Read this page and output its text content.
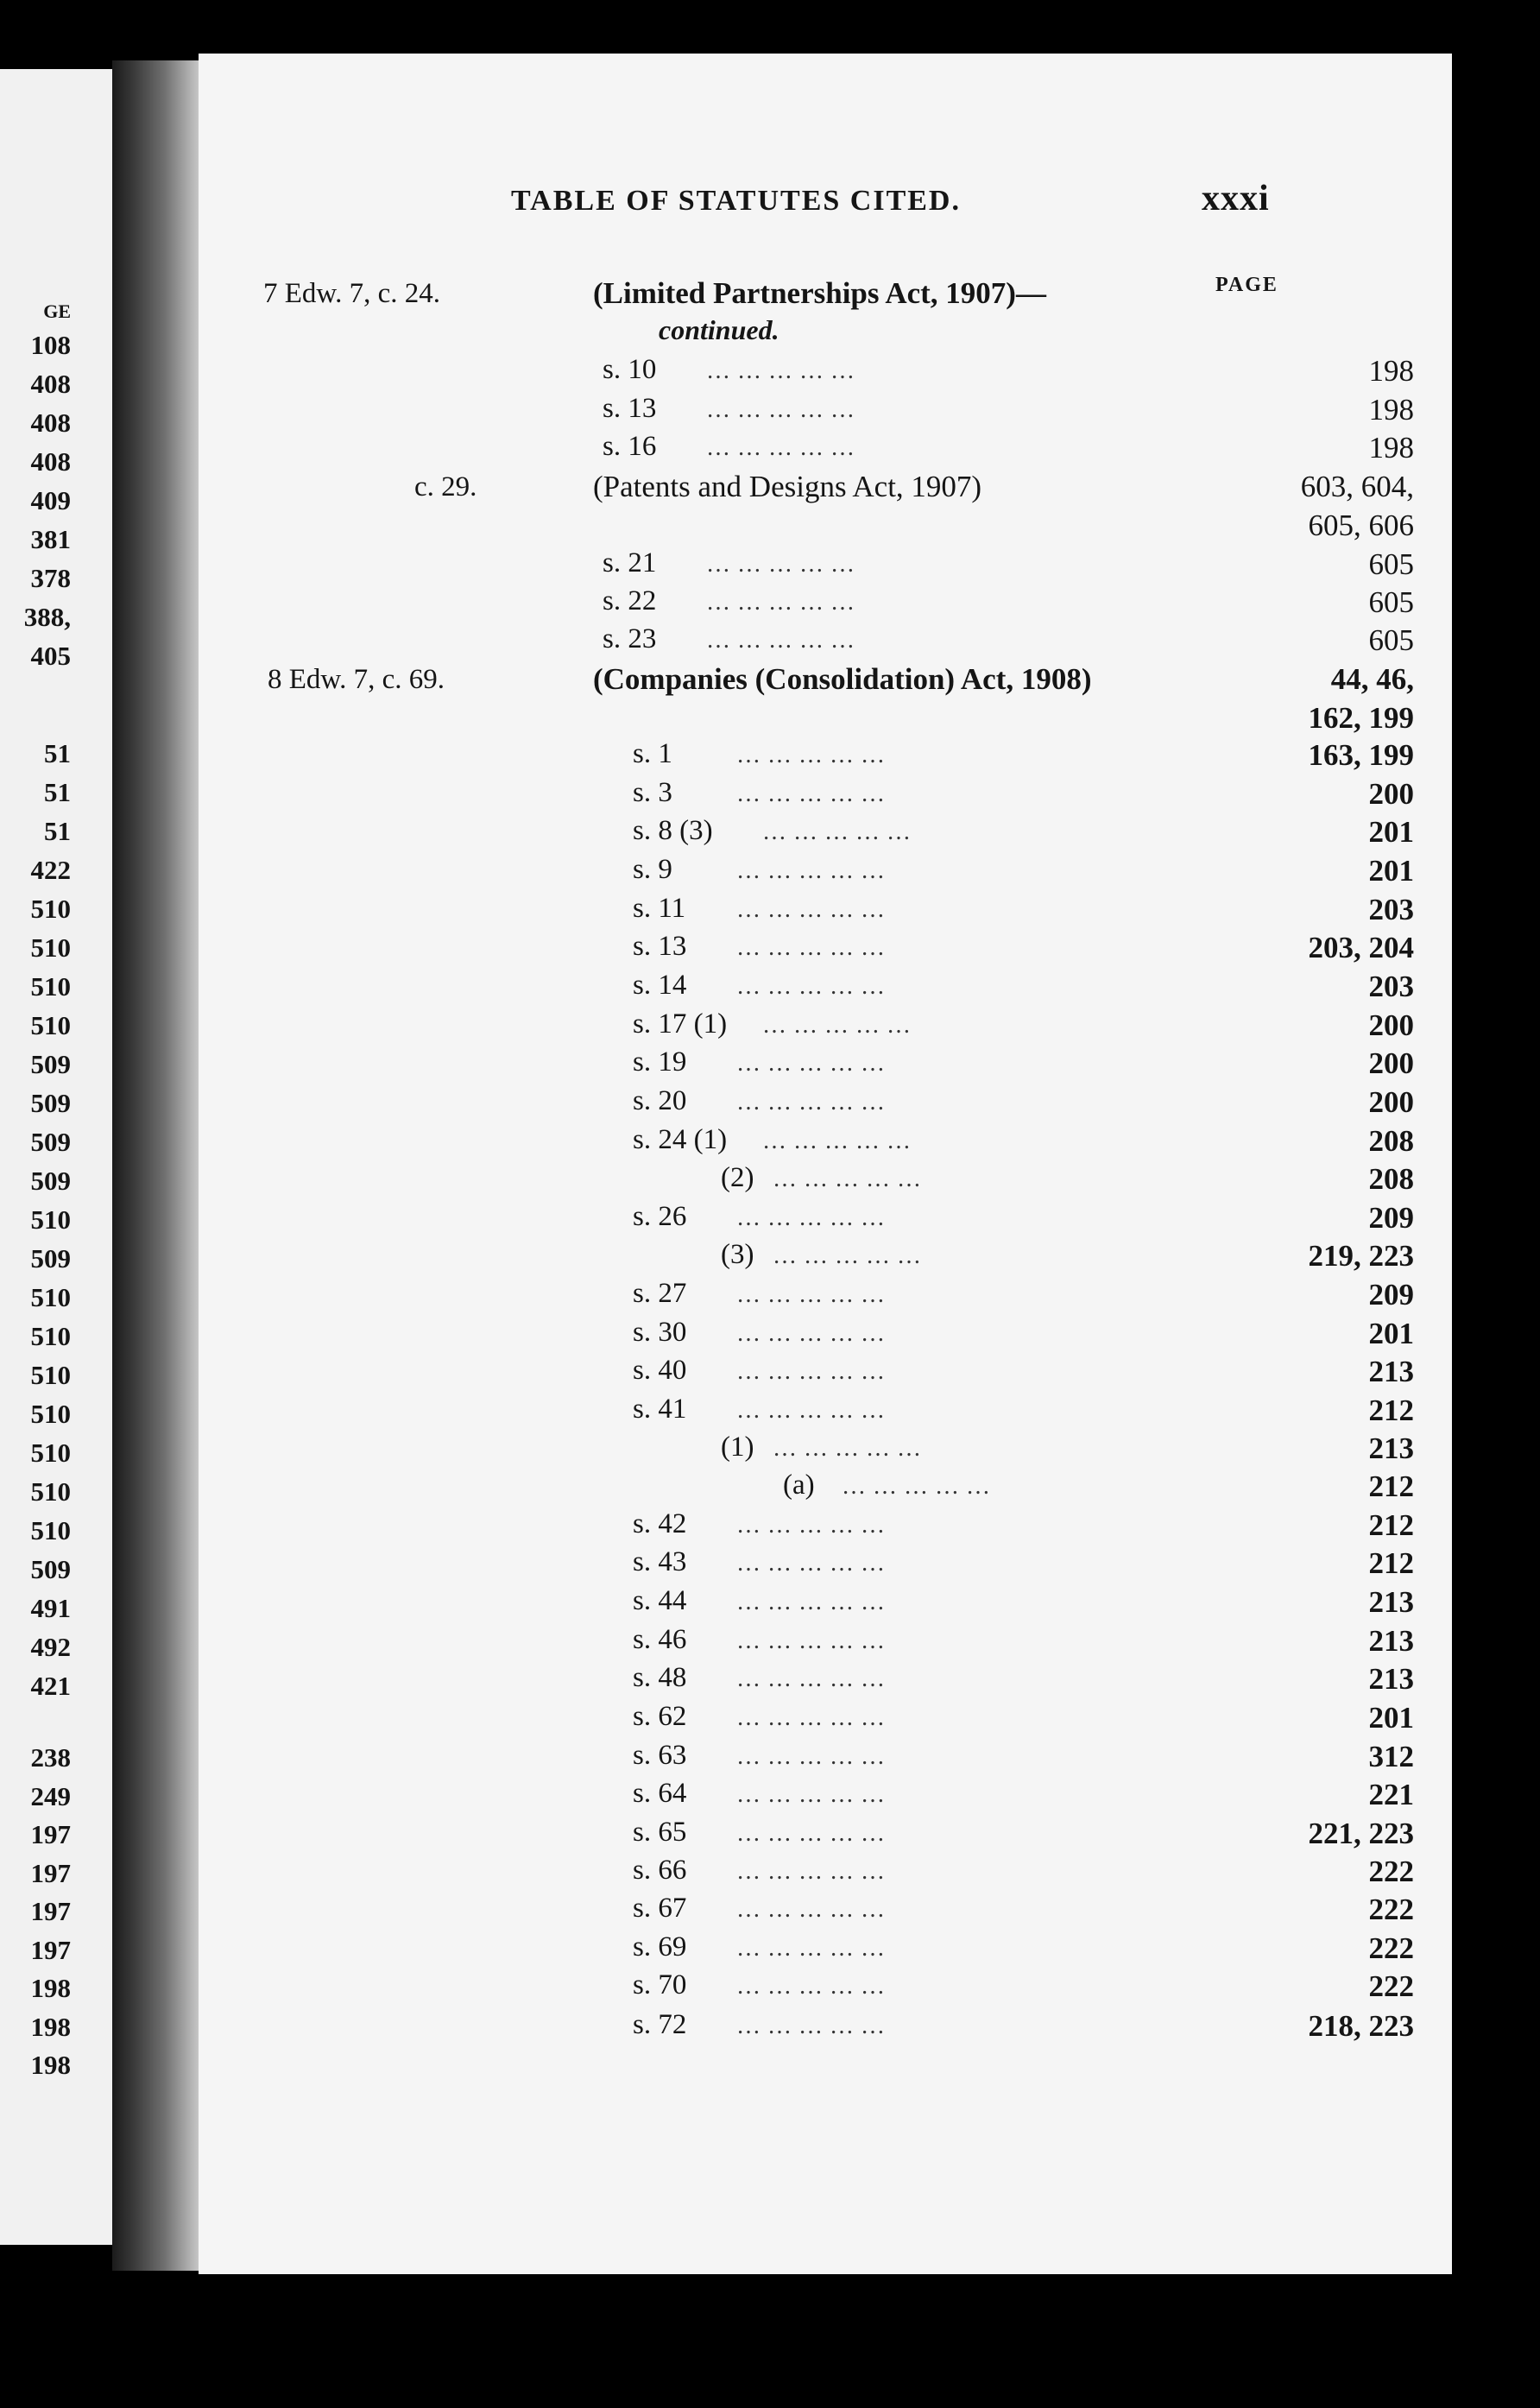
GE
108
408
408
408
409
381
378
388,
405
51
51
51
422
510
510
510
510
509
509
509
509
510
509
510
510
510
510
510
510
510
509
491
492
421
238
249
197
197
197
197
198
198
198
TABLE OF STATUTES CITED.	xxxi
PAGE
7 Edw. 7, c. 24.	(Limited Partnerships Act, 1907)—
continued.
s. 10 … … … … …	198
s. 13 … … … … …	198
s. 16 … … … … …	198
c. 29.	(Patents and Designs Act, 1907)	603, 604,
605, 606
s. 21 … … … … …	605
s. 22 … … … … …	605
s. 23 … … … … …	605
8 Edw. 7, c. 69.	(Companies (Consolidation) Act, 1908)	44, 46,
162, 199
s. 1	… … … … …	163, 199
s. 3	… … … … …	200
s. 8 (3) … … … … …	201
s. 9	… … … … …	201
s. 11 … … … … …	203
s. 13 … … … … …	203, 204
s. 14 … … … … …	203
s. 17 (1) … … … … …	200
s. 19 … … … … …	200
s. 20 … … … … …	200
s. 24 (1) … … … … …	208
(2) … … … … …	208
s. 26 … … … … …	209
(3) … … … … …	219, 223
s. 27 … … … … …	209
s. 30 … … … … …	201
s. 40 … … … … …	213
s. 41 … … … … …	212
(1) … … … … …	213
(a) … … … … …	212
s. 42 … … … … …	212
s. 43 … … … … …	212
s. 44 … … … … …	213
s. 46 … … … … …	213
s. 48 … … … … …	213
s. 62 … … … … …	201
s. 63 … … … … …	312
s. 64 … … … … …	221
s. 65 … … … … …	221, 223
s. 66 … … … … …	222
s. 67 … … … … …	222
s. 69 … … … … …	222
s. 70 … … … … …	222
s. 72 … … … … …	218, 223
